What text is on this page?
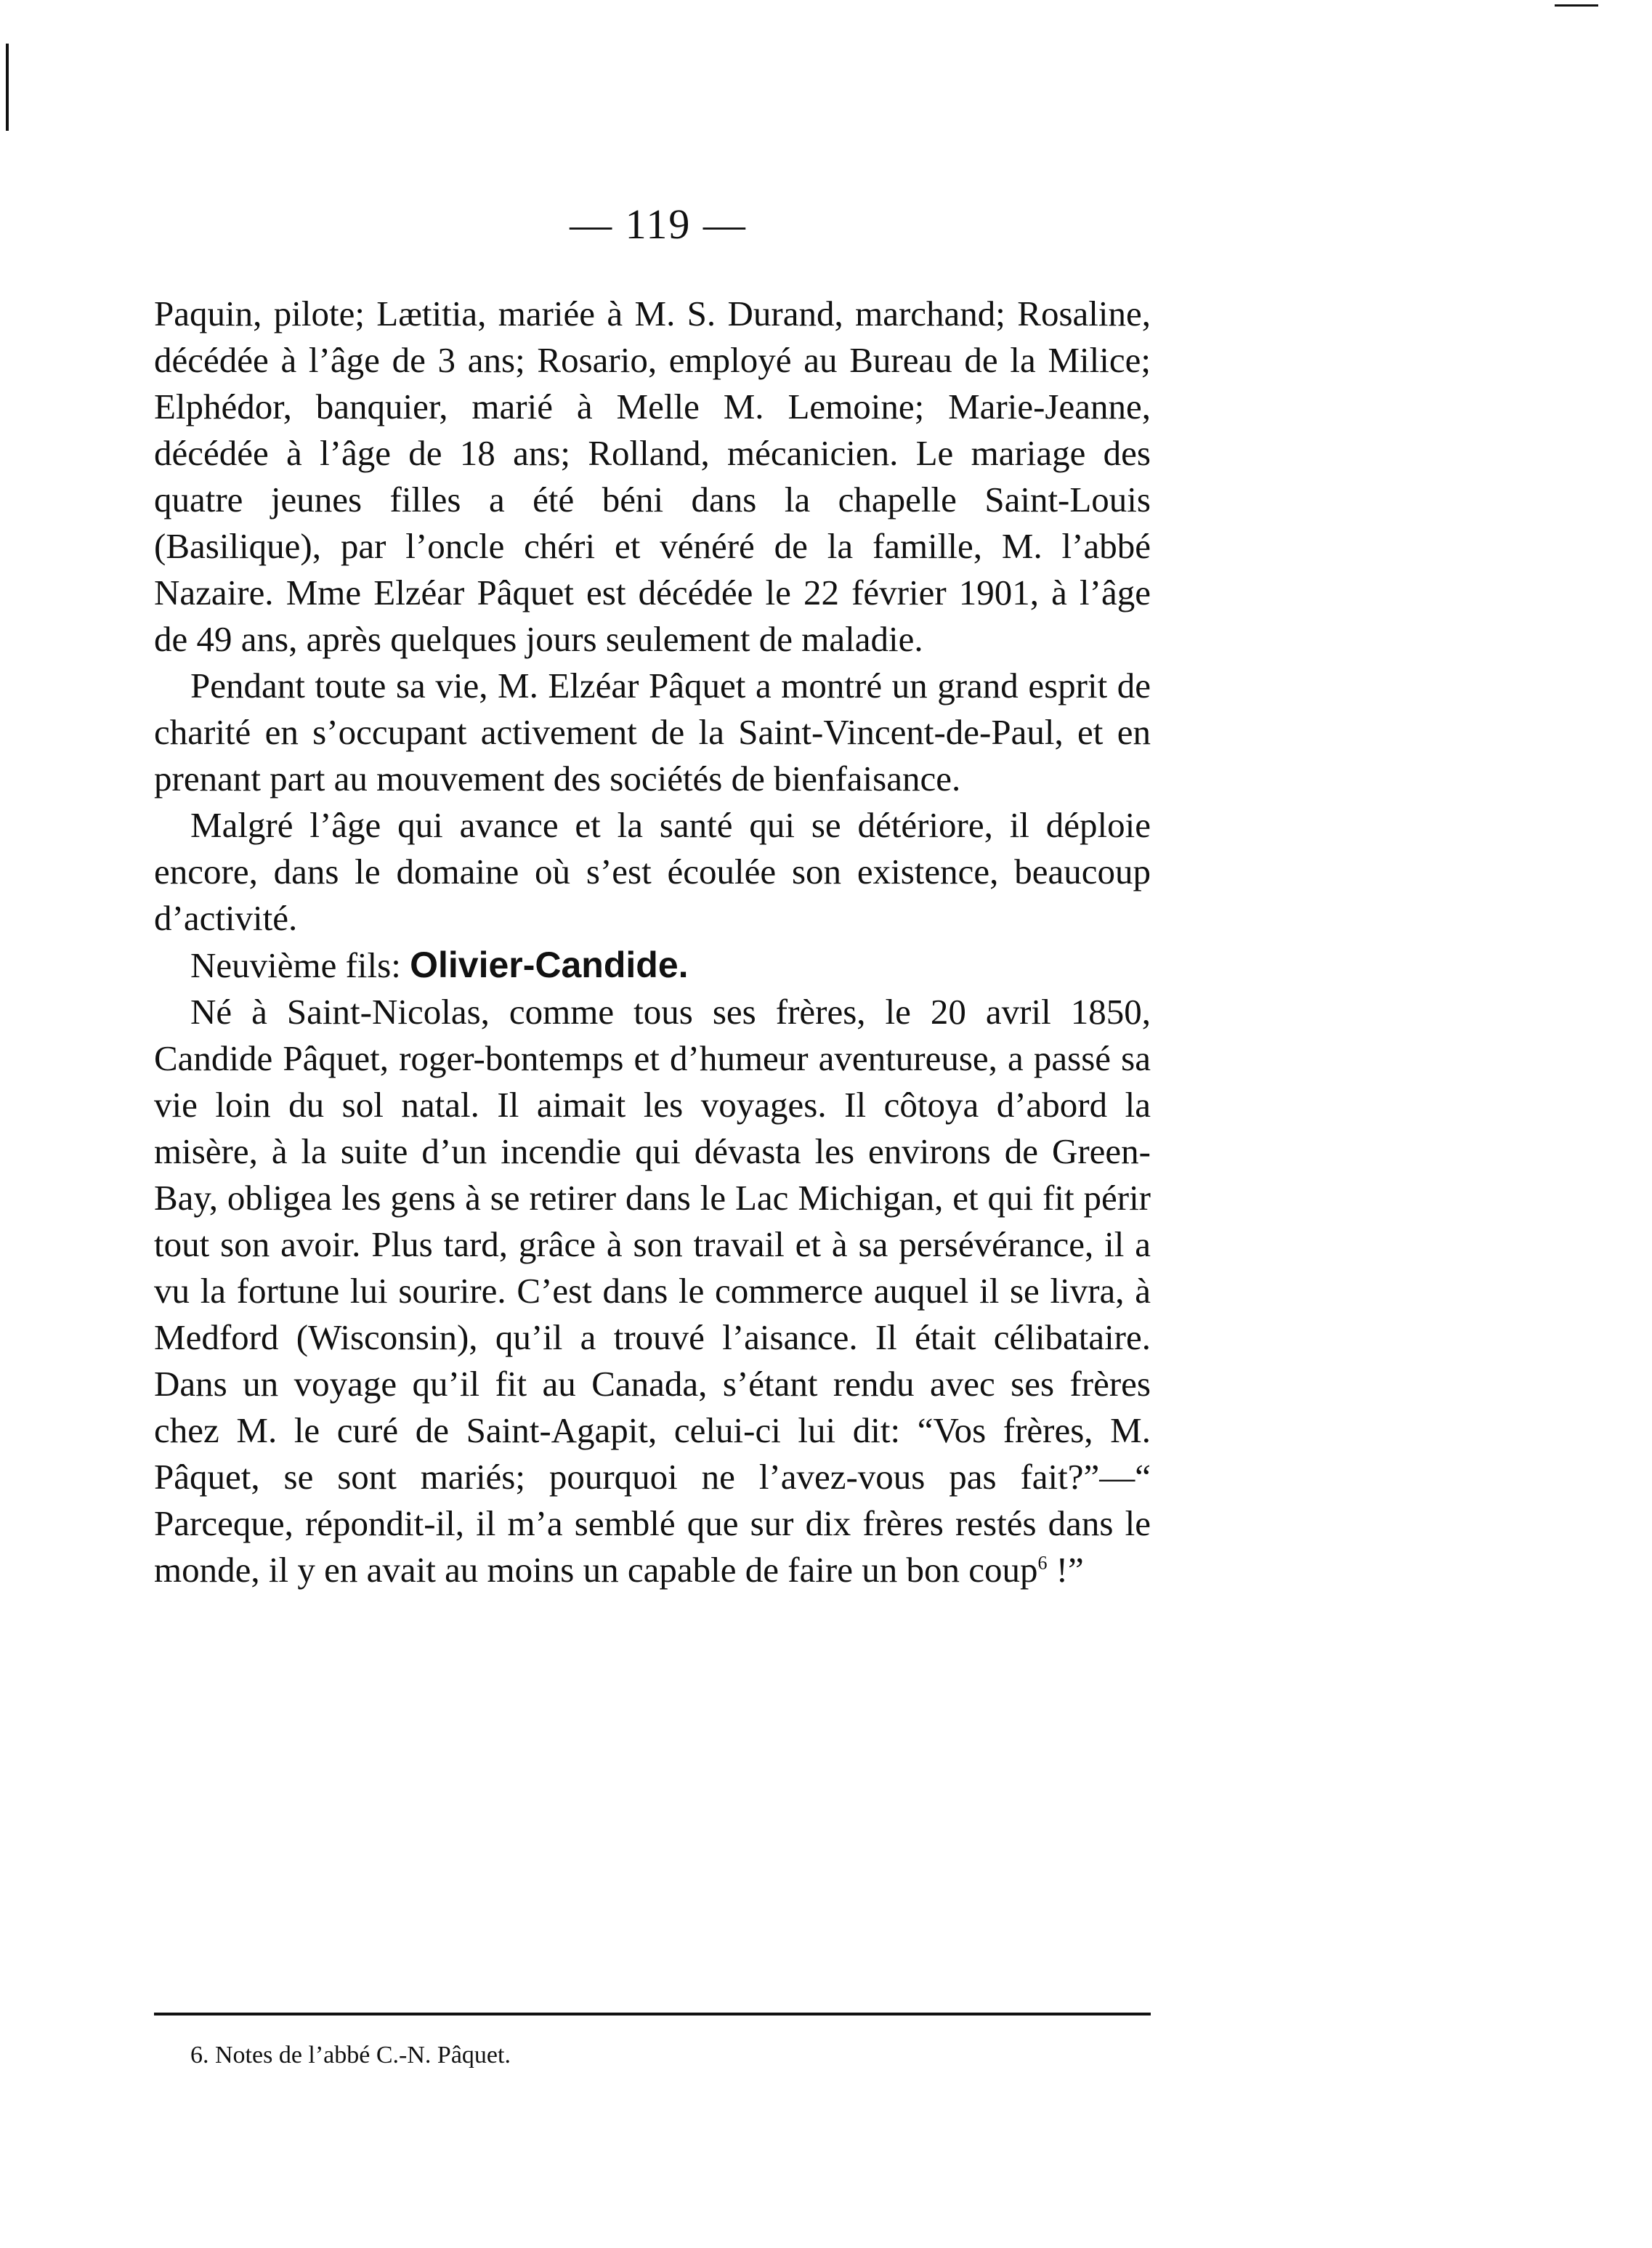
— 119 —

Paquin, pilote; Lætitia, mariée à M. S. Durand, marchand; Rosaline, décédée à l’âge de 3 ans; Rosario, employé au Bureau de la Milice; Elphédor, banquier, marié à Melle M. Lemoine; Marie-Jeanne, décédée à l’âge de 18 ans; Rolland, mécanicien. Le mariage des quatre jeunes filles a été béni dans la chapelle Saint-Louis (Basilique), par l’oncle chéri et vénéré de la famille, M. l’abbé Nazaire. Mme Elzéar Pâquet est décédée le 22 février 1901, à l’âge de 49 ans, après quelques jours seulement de maladie.

Pendant toute sa vie, M. Elzéar Pâquet a montré un grand esprit de charité en s’occupant activement de la Saint-Vincent-de-Paul, et en prenant part au mouvement des sociétés de bienfaisance.

Malgré l’âge qui avance et la santé qui se détériore, il déploie encore, dans le domaine où s’est écoulée son existence, beaucoup d’activité.

Neuvième fils: Olivier-Candide.

Né à Saint-Nicolas, comme tous ses frères, le 20 avril 1850, Candide Pâquet, roger-bontemps et d’humeur aventureuse, a passé sa vie loin du sol natal. Il aimait les voyages. Il côtoya d’abord la misère, à la suite d’un incendie qui dévasta les environs de Green-Bay, obligea les gens à se retirer dans le Lac Michigan, et qui fit périr tout son avoir. Plus tard, grâce à son travail et à sa persévérance, il a vu la fortune lui sourire. C’est dans le commerce auquel il se livra, à Medford (Wisconsin), qu’il a trouvé l’aisance. Il était célibataire. Dans un voyage qu’il fit au Canada, s’étant rendu avec ses frères chez M. le curé de Saint-Agapit, celui-ci lui dit: “Vos frères, M. Pâquet, se sont mariés; pourquoi ne l’avez-vous pas fait?”—“ Parceque, répondit-il, il m’a semblé que sur dix frères restés dans le monde, il y en avait au moins un capable de faire un bon coup$^6$ !”

6. Notes de l’abbé C.-N. Pâquet.
